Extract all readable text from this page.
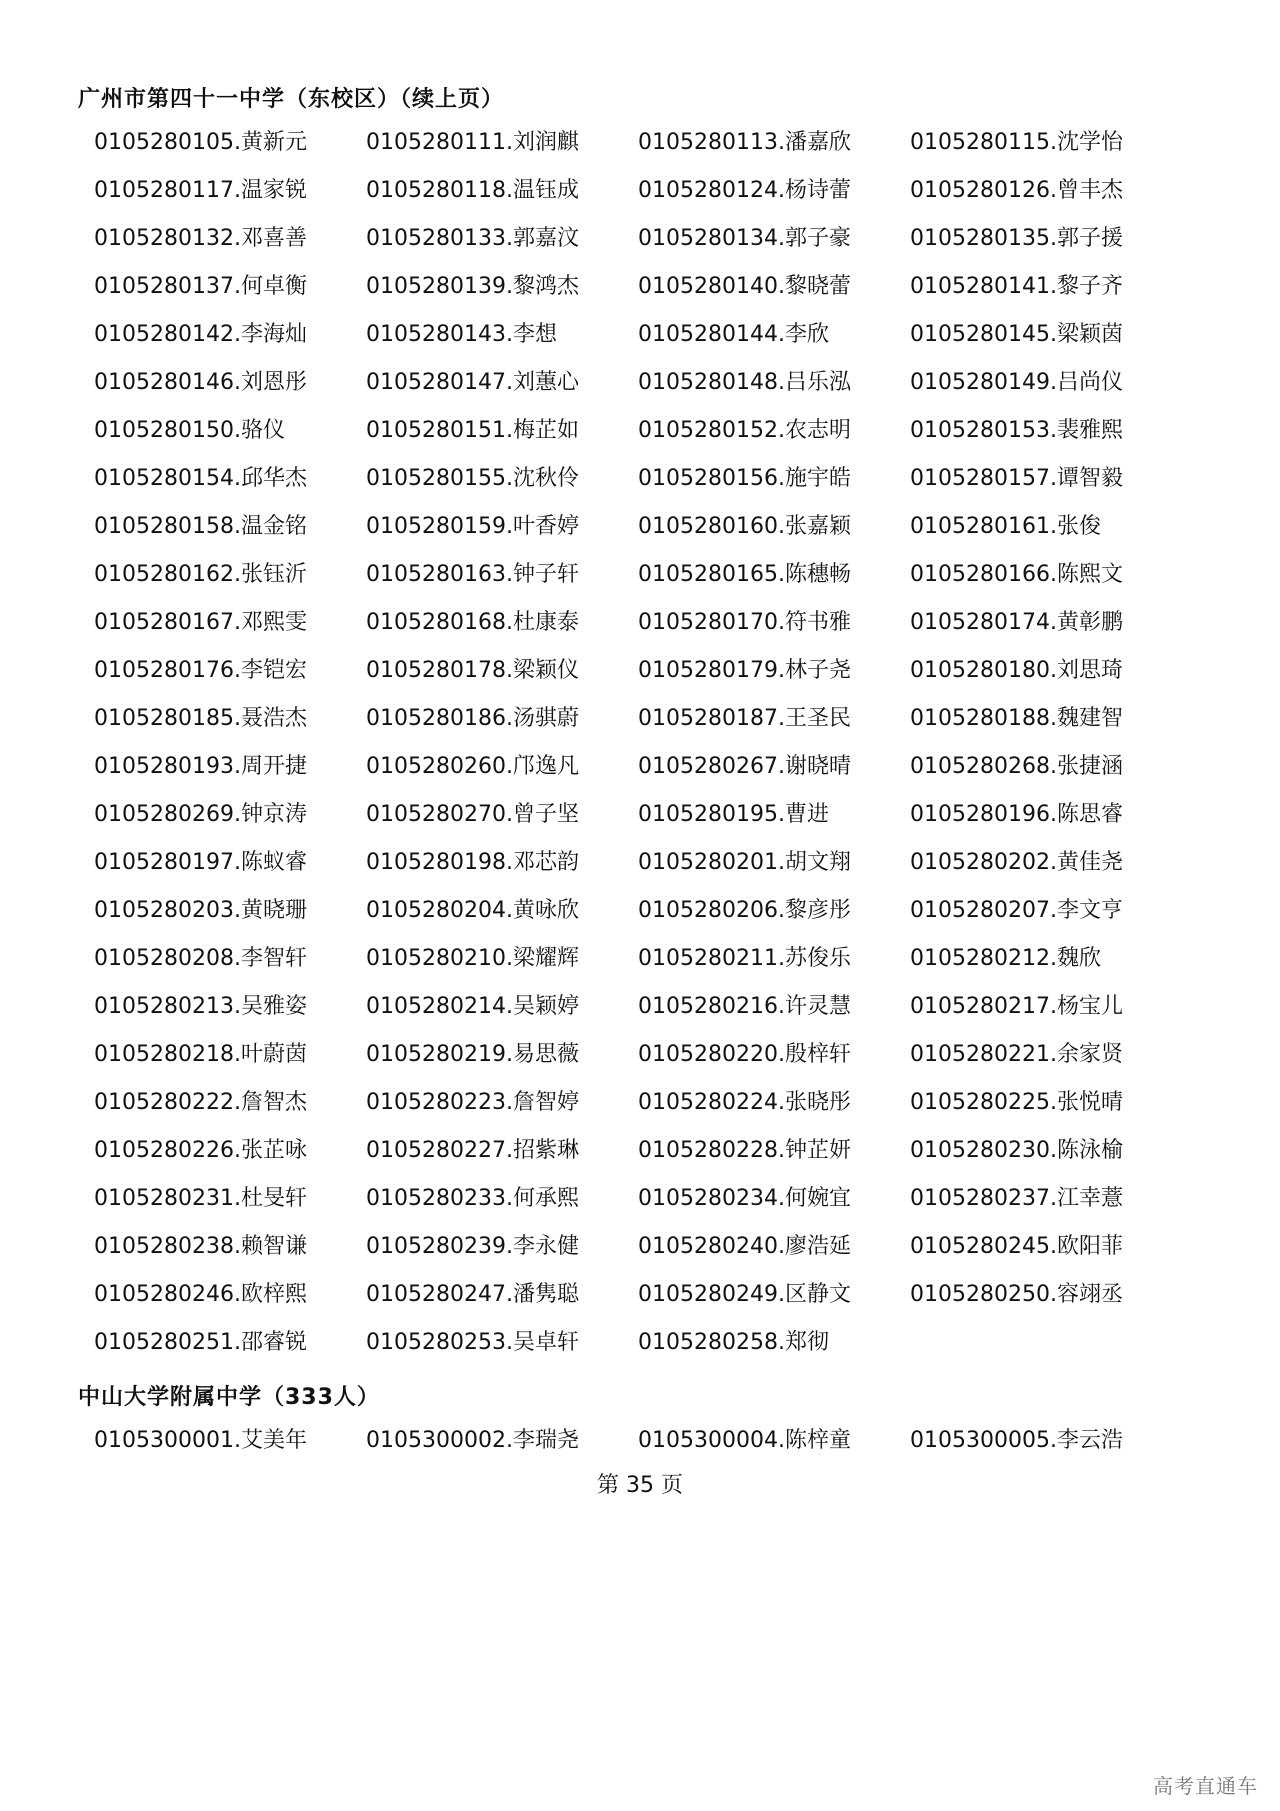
广州市第四十一中学（东校区）（续上页）
0105280105.黄新元	0105280111.刘润麒	0105280113.潘嘉欣	0105280115.沈学怡
0105280117.温家锐	0105280118.温钰成	0105280124.杨诗蕾	0105280126.曾丰杰
0105280132.邓喜善	0105280133.郭嘉汶	0105280134.郭子豪	0105280135.郭子援
0105280137.何卓衡	0105280139.黎鸿杰	0105280140.黎晓蕾	0105280141.黎子齐
0105280142.李海灿	0105280143.李想	0105280144.李欣	0105280145.梁颖茵
0105280146.刘恩彤	0105280147.刘蕙心	0105280148.吕乐泓	0105280149.吕尚仪
0105280150.骆仪	0105280151.梅芷如	0105280152.农志明	0105280153.裴雅熙
0105280154.邱华杰	0105280155.沈秋伶	0105280156.施宇皓	0105280157.谭智毅
0105280158.温金铭	0105280159.叶香婷	0105280160.张嘉颖	0105280161.张俊
0105280162.张钰沂	0105280163.钟子轩	0105280165.陈穗畅	0105280166.陈熙文
0105280167.邓熙雯	0105280168.杜康泰	0105280170.符书雅	0105280174.黄彰鹏
0105280176.李铠宏	0105280178.梁颖仪	0105280179.林子尧	0105280180.刘思琦
0105280185.聂浩杰	0105280186.汤骐蔚	0105280187.王圣民	0105280188.魏建智
0105280193.周开捷	0105280260.邝逸凡	0105280267.谢晓晴	0105280268.张捷涵
0105280269.钟京涛	0105280270.曾子坚	0105280195.曹进	0105280196.陈思睿
0105280197.陈蚁睿	0105280198.邓芯韵	0105280201.胡文翔	0105280202.黄佳尧
0105280203.黄晓珊	0105280204.黄咏欣	0105280206.黎彦彤	0105280207.李文亨
0105280208.李智轩	0105280210.梁耀辉	0105280211.苏俊乐	0105280212.魏欣
0105280213.吴雅姿	0105280214.吴颖婷	0105280216.许灵慧	0105280217.杨宝儿
0105280218.叶蔚茵	0105280219.易思薇	0105280220.殷梓轩	0105280221.余家贤
0105280222.詹智杰	0105280223.詹智婷	0105280224.张晓彤	0105280225.张悦晴
0105280226.张芷咏	0105280227.招紫琳	0105280228.钟芷妍	0105280230.陈泳榆
0105280231.杜旻轩	0105280233.何承熙	0105280234.何婉宜	0105280237.江幸薏
0105280238.赖智谦	0105280239.李永健	0105280240.廖浩延	0105280245.欧阳菲
0105280246.欧梓熙	0105280247.潘隽聪	0105280249.区静文	0105280250.容翊丞
0105280251.邵睿锐	0105280253.吴卓轩	0105280258.郑彻
中山大学附属中学（333人）
0105300001.艾美年	0105300002.李瑞尧	0105300004.陈梓童	0105300005.李云浩
第 35 页
高考直通车
